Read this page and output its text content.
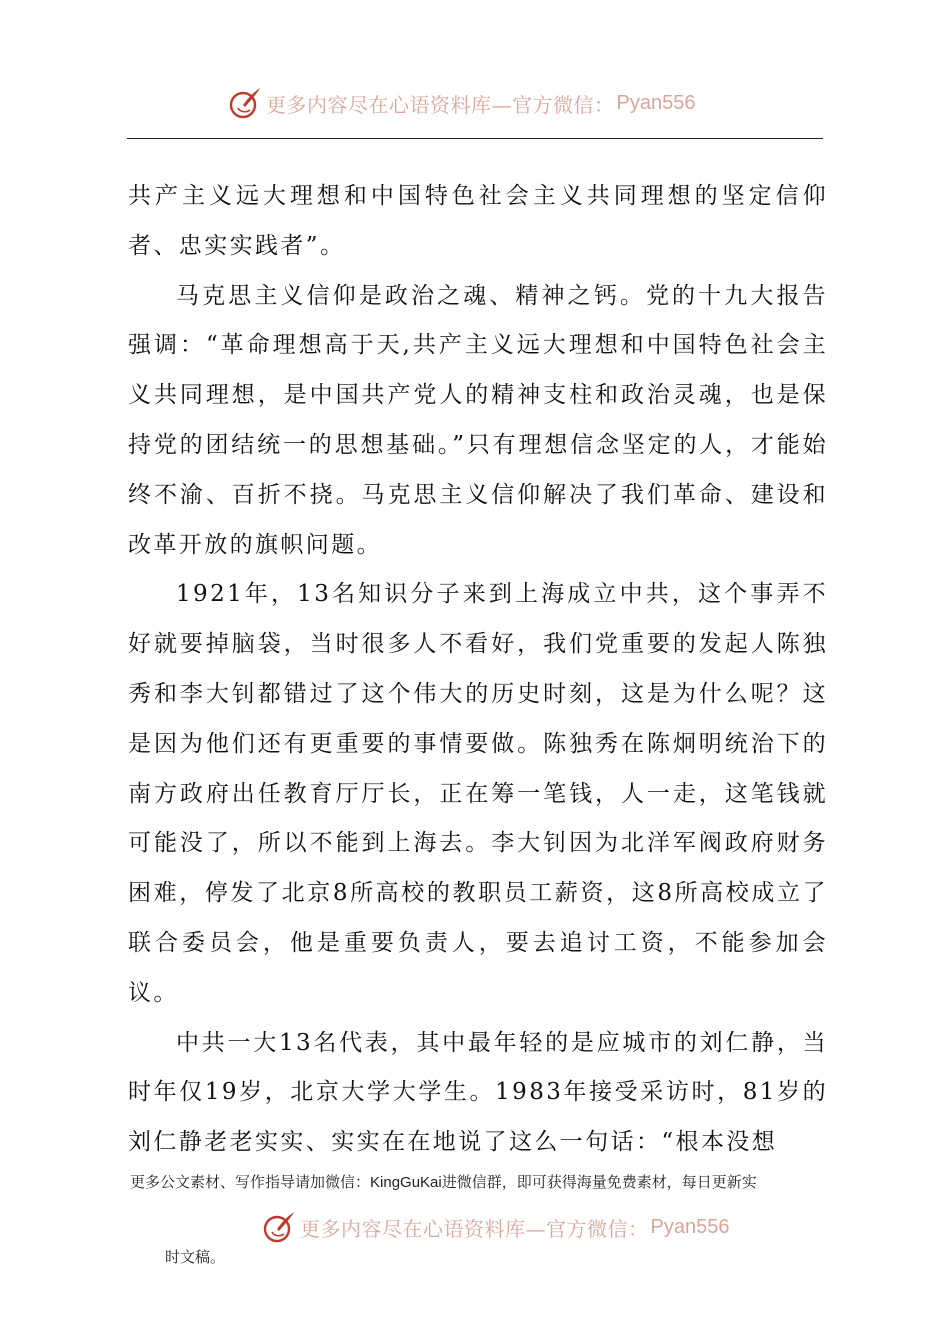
更多内容尽在心语资料库—官方微信： Pyan556

共产主义远大理想和中国特色社会主义共同理想的坚定信仰者、忠实实践者”。

马克思主义信仰是政治之魂、精神之钙。党的十九大报告强调：“革命理想高于天,共产主义远大理想和中国特色社会主义共同理想，是中国共产党人的精神支柱和政治灵魂，也是保持党的团结统一的思想基础。”只有理想信念坚定的人，才能始终不渝、百折不挠。马克思主义信仰解决了我们革命、建设和改革开放的旗帜问题。

1921年，13名知识分子来到上海成立中共，这个事弄不好就要掉脑袋，当时很多人不看好，我们党重要的发起人陈独秀和李大钊都错过了这个伟大的历史时刻，这是为什么呢？这是因为他们还有更重要的事情要做。陈独秀在陈炯明统治下的南方政府出任教育厅厅长，正在筹一笔钱，人一走，这笔钱就可能没了，所以不能到上海去。李大钊因为北洋军阀政府财务困难，停发了北京8所高校的教职员工薪资，这8所高校成立了联合委员会，他是重要负责人，要去追讨工资，不能参加会议。

中共一大13名代表，其中最年轻的是应城市的刘仁静，当时年仅19岁，北京大学大学生。1983年接受采访时，81岁的刘仁静老老实实、实实在在地说了这么一句话：“根本没想

更多公文素材、写作指导请加微信：KingGuKai进微信群，即可获得海量免费素材，每日更新实
更多内容尽在心语资料库—官方微信： Pyan556
时文稿。
